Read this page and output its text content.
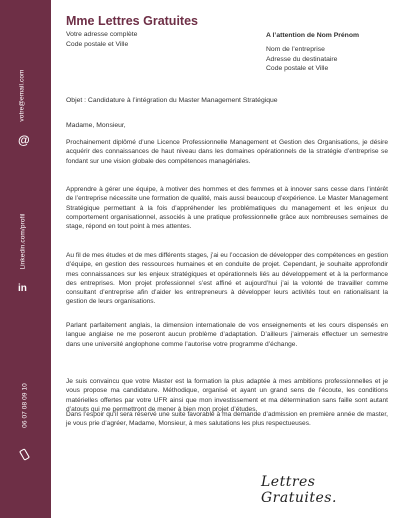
votre@email.com
@
Linkedin.com/profil
in
06 07 08 09 10
Mme Lettres Gratuites
Votre adresse complète
Code postale et Ville
A l’attention de Nom Prénom
Nom de l’entreprise
Adresse du destinataire
Code postale et Ville
Objet : Candidature à l’intégration du Master Management Stratégique
Madame, Monsieur,
Prochainement diplômé d’une Licence Professionnelle Management et Gestion des Organisations, je désire acquérir des connaissances de haut niveau dans les domaines opérationnels de la stratégie d’entreprise se fondant sur une vision globale des compétences managériales.
Apprendre à gérer une équipe, à motiver des hommes et des femmes et à innover sans cesse dans l’intérêt de l’entreprise nécessite une formation de qualité, mais aussi beaucoup d’expérience. Le Master Management Stratégique permettant à la fois d’appréhender les problématiques du management et les enjeux du comportement organisationnel, associés à une pratique professionnelle grâce aux nombreuses semaines de stage, répond en tout point à mes attentes.
Au fil de mes études et de mes différents stages, j’ai eu l’occasion de développer des compétences en gestion d’équipe, en gestion des ressources humaines et en conduite de projet. Cependant, je souhaite approfondir mes connaissances sur les enjeux stratégiques et opérationnels liés au développement et à la performance des entreprises. Mon projet professionnel s’est affiné et aujourd’hui j’ai la volonté de travailler comme consultant d’entreprise afin d’aider les entrepreneurs à développer leurs activités tout en rationalisant la gestion de leurs organisations.
Parlant parfaitement anglais, la dimension internationale de vos enseignements et les cours dispensés en langue anglaise ne me poseront aucun problème d’adaptation. D’ailleurs j’aimerais effectuer un semestre dans une université anglophone comme l’autorise votre programme d’échange.
Je suis convaincu que votre Master est la formation la plus adaptée à mes ambitions professionnelles et je vous propose ma candidature. Méthodique, organisé et ayant un grand sens de l’écoute, les conditions matérielles offertes par votre UFR ainsi que mon investissement et ma détermination sans faille sont autant d’atouts qui me permettront de mener à bien mon projet d’études.
Dans l’espoir qu’il sera réservé une suite favorable à ma demande d’admission en première année de master, je vous prie d’agréer, Madame, Monsieur, à mes salutations les plus respectueuses.
Lettres Gratuites.
